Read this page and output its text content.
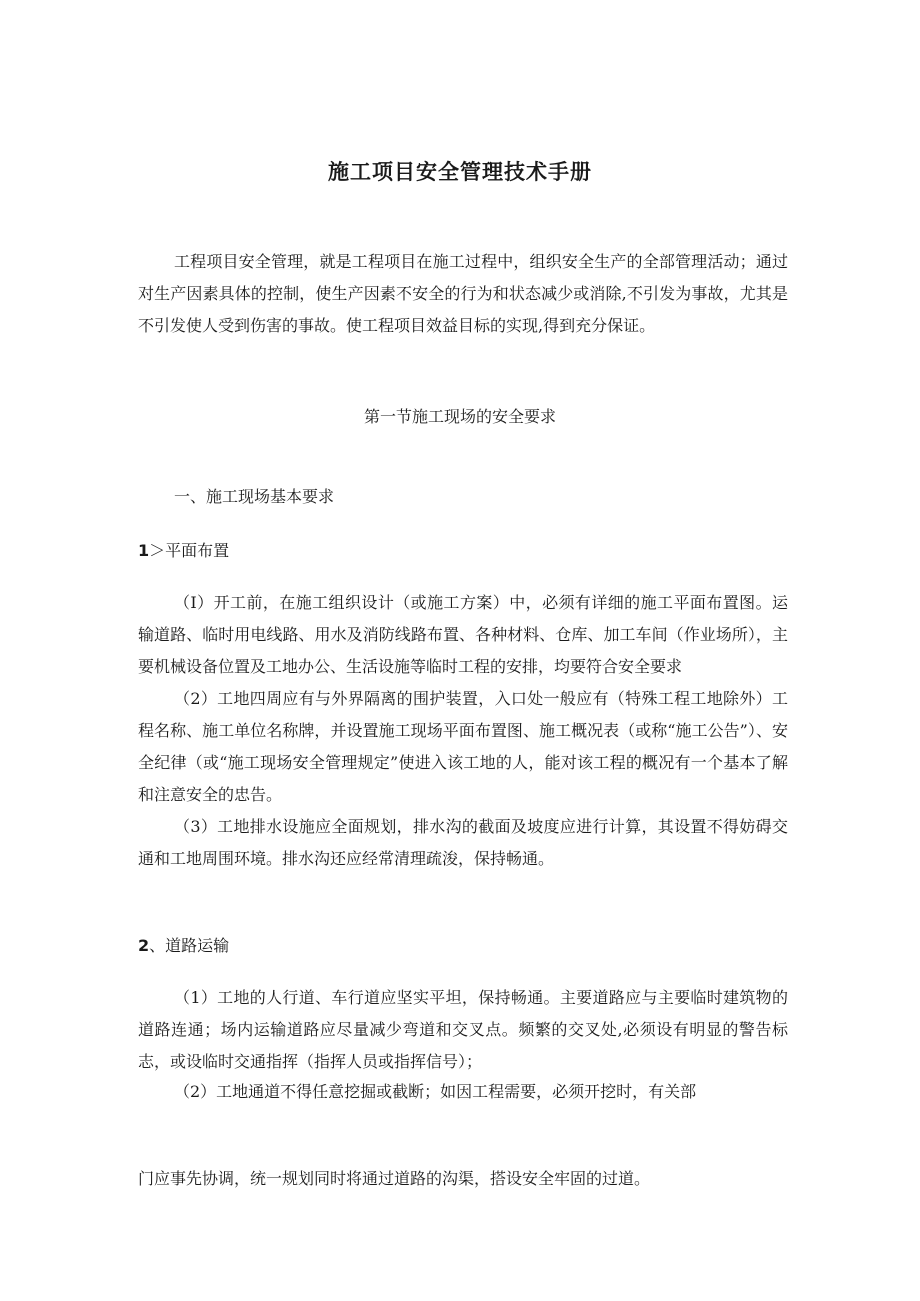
施工项目安全管理技术手册

工程项目安全管理，就是工程项目在施工过程中，组织安全生产的全部管理活动；通过对生产因素具体的控制，使生产因素不安全的行为和状态减少或消除,不引发为事故，尤其是不引发使人受到伤害的事故。使工程项目效益目标的实现,得到充分保证。

第一节施工现场的安全要求
一、施工现场基本要求
1＞平面布置

（I）开工前，在施工组织设计（或施工方案）中，必须有详细的施工平面布置图。运输道路、临时用电线路、用水及消防线路布置、各种材料、仓库、加工车间（作业场所），主要机械设备位置及工地办公、生活设施等临时工程的安排，均要符合安全要求

（2）工地四周应有与外界隔离的围护装置，入口处一般应有（特殊工程工地除外）工程名称、施工单位名称牌，并设置施工现场平面布置图、施工概况表（或称“施工公告”）、安全纪律（或“施工现场安全管理规定”使进入该工地的人，能对该工程的概况有一个基本了解和注意安全的忠告。

（3）工地排水设施应全面规划，排水沟的截面及坡度应进行计算，其设置不得妨碍交通和工地周围环境。排水沟还应经常清理疏浚，保持畅通。

2、道路运输

（1）工地的人行道、车行道应坚实平坦，保持畅通。主要道路应与主要临时建筑物的道路连通；场内运输道路应尽量减少弯道和交叉点。频繁的交叉处,必须设有明显的警告标志，或设临时交通指挥（指挥人员或指挥信号）；

（2）工地通道不得任意挖掘或截断；如因工程需要，必须开挖时，有关部

门应事先协调，统一规划同时将通过道路的沟渠，搭设安全牢固的过道。
